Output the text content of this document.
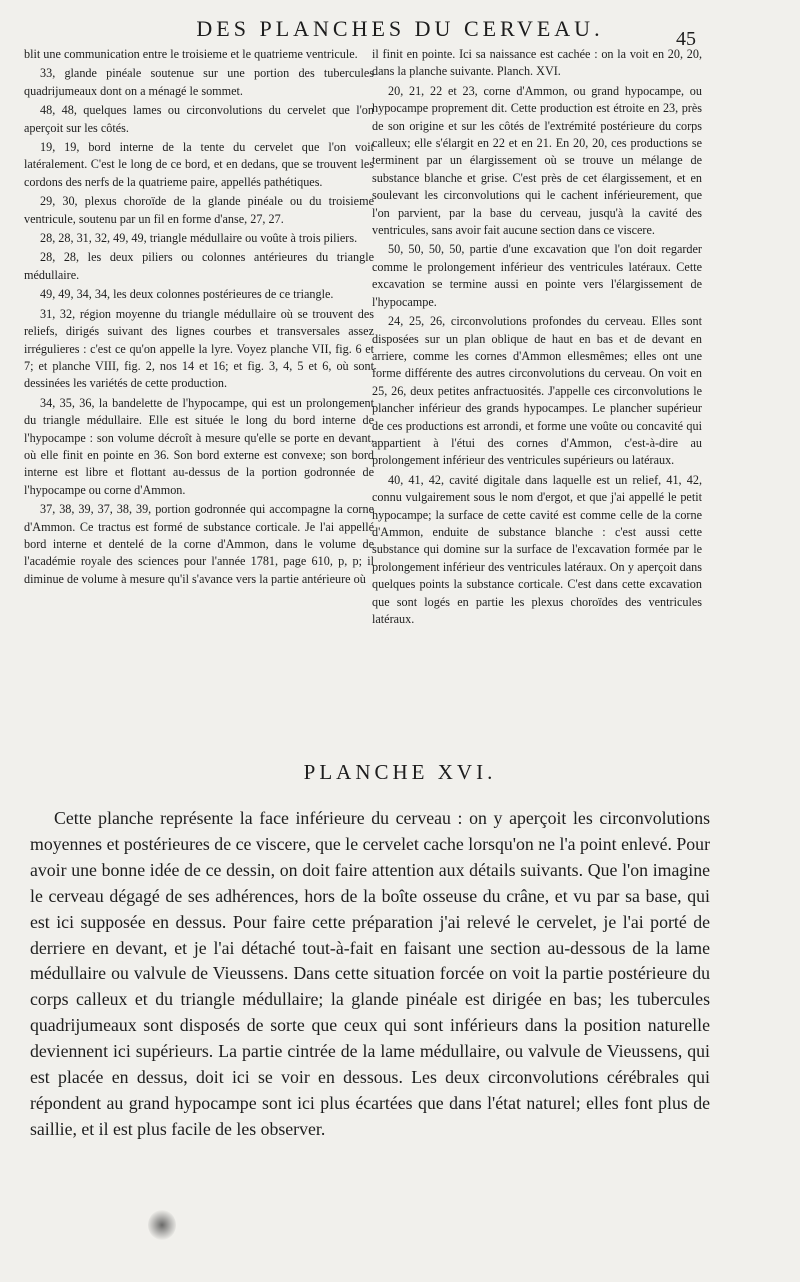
DES PLANCHES DU CERVEAU.	45

blit une communication entre le troisieme et le quatrieme ventricule.

33, glande pinéale soutenue sur une portion des tubercules quadrijumeaux dont on a ménagé le sommet.

48, 48, quelques lames ou circonvolutions du cervelet que l'on aperçoit sur les côtés.

19, 19, bord interne de la tente du cervelet que l'on voit latéralement. C'est le long de ce bord, et en dedans, que se trouvent les cordons des nerfs de la quatrieme paire, appellés pathétiques.

29, 30, plexus choroïde de la glande pinéale ou du troisieme ventricule, soutenu par un fil en forme d'anse, 27, 27.

28, 28, 31, 32, 49, 49, triangle médullaire ou voûte à trois piliers.

28, 28, les deux piliers ou colonnes antérieures du triangle médullaire.

49, 49, 34, 34, les deux colonnes postérieures de ce triangle.

31, 32, région moyenne du triangle médullaire où se trouvent des reliefs, dirigés suivant des lignes courbes et transversales assez irrégulieres : c'est ce qu'on appelle la lyre. Voyez planche VII, fig. 6 et 7; et planche VIII, fig. 2, nos 14 et 16; et fig. 3, 4, 5 et 6, où sont dessinées les variétés de cette production.

34, 35, 36, la bandelette de l'hypocampe, qui est un prolongement du triangle médullaire. Elle est située le long du bord interne de l'hypocampe : son volume décroît à mesure qu'elle se porte en devant, où elle finit en pointe en 36. Son bord externe est convexe; son bord interne est libre et flottant au-dessus de la portion godronnée de l'hypocampe ou corne d'Ammon.

37, 38, 39, 37, 38, 39, portion godronnée qui accompagne la corne d'Ammon. Ce tractus est formé de substance corticale. Je l'ai appellé bord interne et dentelé de la corne d'Ammon, dans le volume de l'académie royale des sciences pour l'année 1781, page 610, p, p; il diminue de volume à mesure qu'il s'avance vers la partie antérieure où

il finit en pointe. Ici sa naissance est cachée : on la voit en 20, 20, dans la planche suivante. Planch. XVI.

20, 21, 22 et 23, corne d'Ammon, ou grand hypocampe, ou hypocampe proprement dit. Cette production est étroite en 23, près de son origine et sur les côtés de l'extrémité postérieure du corps calleux; elle s'élargit en 22 et en 21. En 20, 20, ces productions se terminent par un élargissement où se trouve un mélange de substance blanche et grise. C'est près de cet élargissement, et en soulevant les circonvolutions qui le cachent inférieurement, que l'on parvient, par la base du cerveau, jusqu'à la cavité des ventricules, sans avoir fait aucune section dans ce viscere.

50, 50, 50, 50, partie d'une excavation que l'on doit regarder comme le prolongement inférieur des ventricules latéraux. Cette excavation se termine aussi en pointe vers l'élargissement de l'hypocampe.

24, 25, 26, circonvolutions profondes du cerveau. Elles sont disposées sur un plan oblique de haut en bas et de devant en arriere, comme les cornes d'Ammon ellesmêmes; elles ont une forme différente des autres circonvolutions du cerveau. On voit en 25, 26, deux petites anfractuosités. J'appelle ces circonvolutions le plancher inférieur des grands hypocampes. Le plancher supérieur de ces productions est arrondi, et forme une voûte ou concavité qui appartient à l'étui des cornes d'Ammon, c'est-à-dire au prolongement inférieur des ventricules supérieurs ou latéraux.

40, 41, 42, cavité digitale dans laquelle est un relief, 41, 42, connu vulgairement sous le nom d'ergot, et que j'ai appellé le petit hypocampe; la surface de cette cavité est comme celle de la corne d'Ammon, enduite de substance blanche : c'est aussi cette substance qui domine sur la surface de l'excavation formée par le prolongement inférieur des ventricules latéraux. On y aperçoit dans quelques points la substance corticale. C'est dans cette excavation que sont logés en partie les plexus choroïdes des ventricules latéraux.

PLANCHE XVI.

Cette planche représente la face inférieure du cerveau : on y aperçoit les circonvolutions moyennes et postérieures de ce viscere, que le cervelet cache lorsqu'on ne l'a point enlevé. Pour avoir une bonne idée de ce dessin, on doit faire attention aux détails suivants. Que l'on imagine le cerveau dégagé de ses adhérences, hors de la boîte osseuse du crâne, et vu par sa base, qui est ici supposée en dessus. Pour faire cette préparation j'ai relevé le cervelet, je l'ai porté de derriere en devant, et je l'ai détaché tout-à-fait en faisant une section au-dessous de la lame médullaire ou valvule de Vieussens. Dans cette situation forcée on voit la partie postérieure du corps calleux et du triangle médullaire; la glande pinéale est dirigée en bas; les tubercules quadrijumeaux sont disposés de sorte que ceux qui sont inférieurs dans la position naturelle deviennent ici supérieurs. La partie cintrée de la lame médullaire, ou valvule de Vieussens, qui est placée en dessus, doit ici se voir en dessous. Les deux circonvolutions cérébrales qui répondent au grand hypocampe sont ici plus écartées que dans l'état naturel; elles font plus de saillie, et il est plus facile de les observer.
